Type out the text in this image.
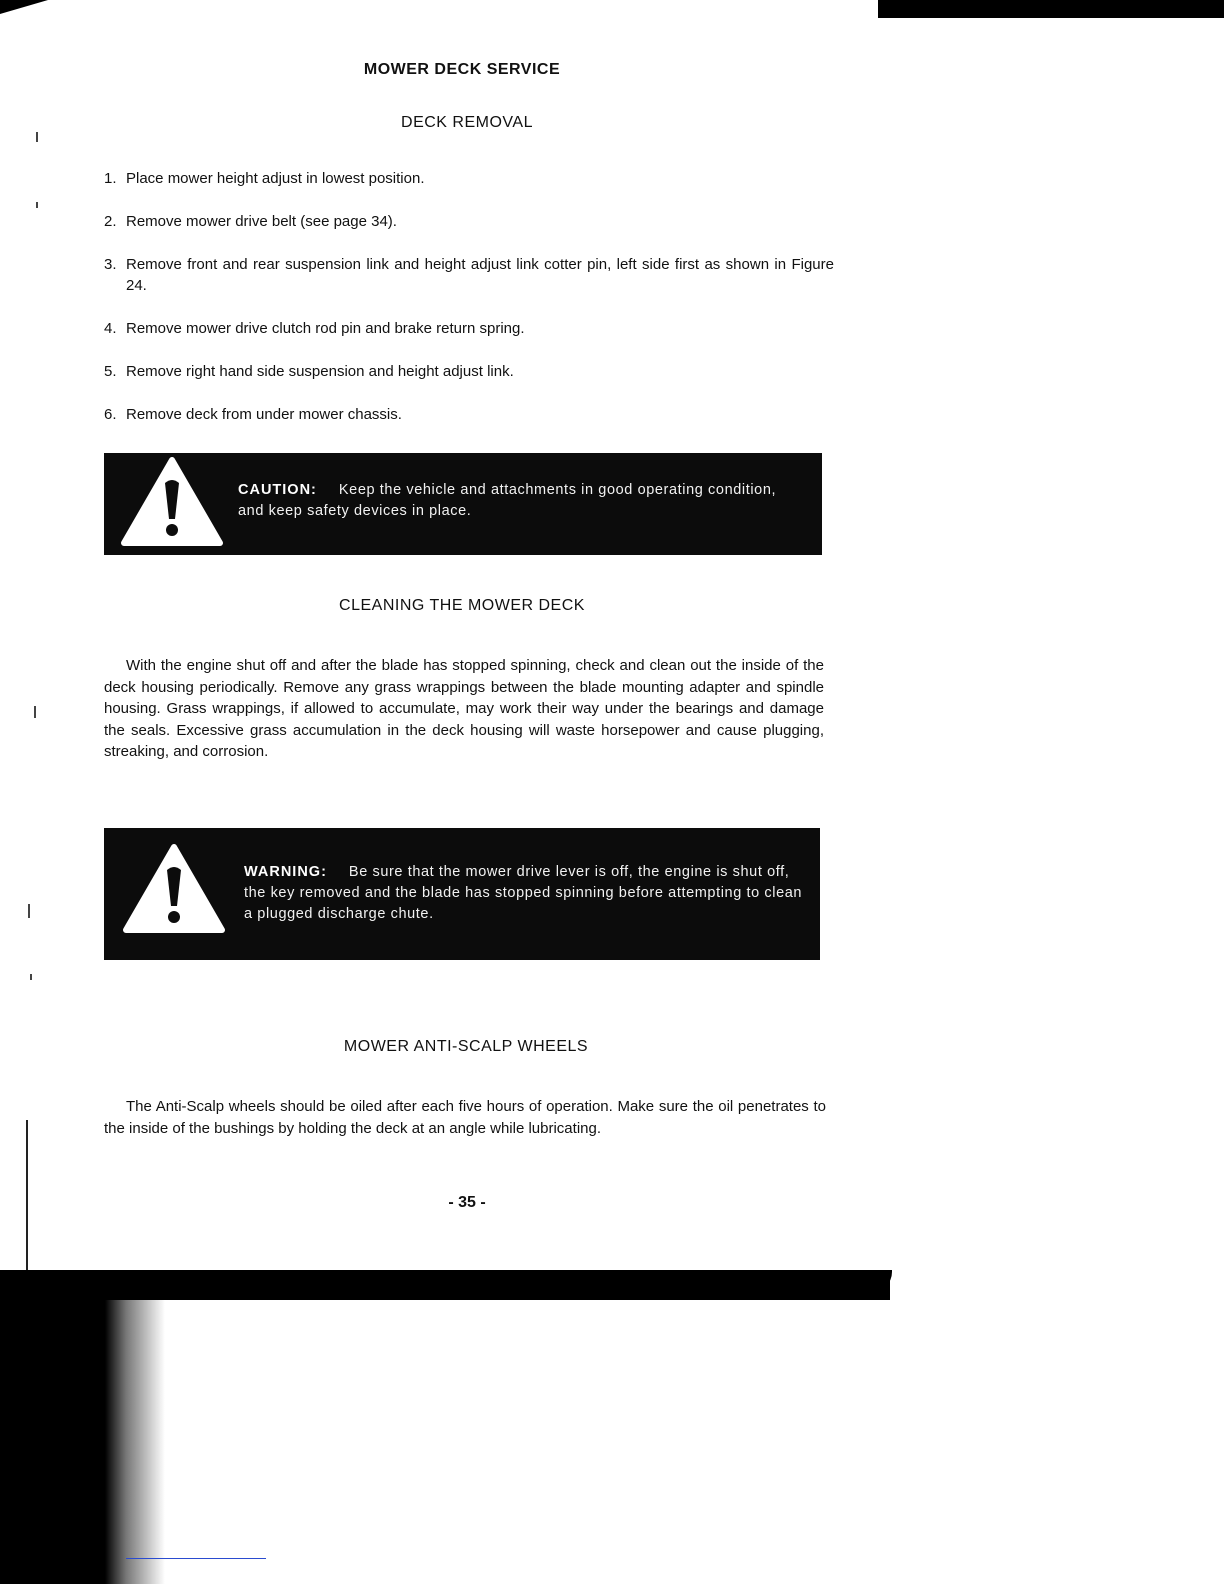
MOWER DECK SERVICE
DECK REMOVAL
1. Place mower height adjust in lowest position.
2. Remove mower drive belt (see page 34).
3. Remove front and rear suspension link and height adjust link cotter pin, left side first as shown in Figure 24.
4. Remove mower drive clutch rod pin and brake return spring.
5. Remove right hand side suspension and height adjust link.
6. Remove deck from under mower chassis.
CAUTION: Keep the vehicle and attachments in good operating condition, and keep safety devices in place.
CLEANING THE MOWER DECK

With the engine shut off and after the blade has stopped spinning, check and clean out the inside of the deck housing periodically. Remove any grass wrappings between the blade mounting adapter and spindle housing. Grass wrappings, if allowed to accumulate, may work their way under the bearings and damage the seals. Excessive grass accumulation in the deck housing will waste horsepower and cause plugging, streaking, and corrosion.

WARNING: Be sure that the mower drive lever is off, the engine is shut off, the key removed and the blade has stopped spinning before attempting to clean a plugged discharge chute.
MOWER ANTI-SCALP WHEELS

The Anti-Scalp wheels should be oiled after each five hours of operation. Make sure the oil penetrates to the inside of the bushings by holding the deck at an angle while lubricating.

- 35 -
